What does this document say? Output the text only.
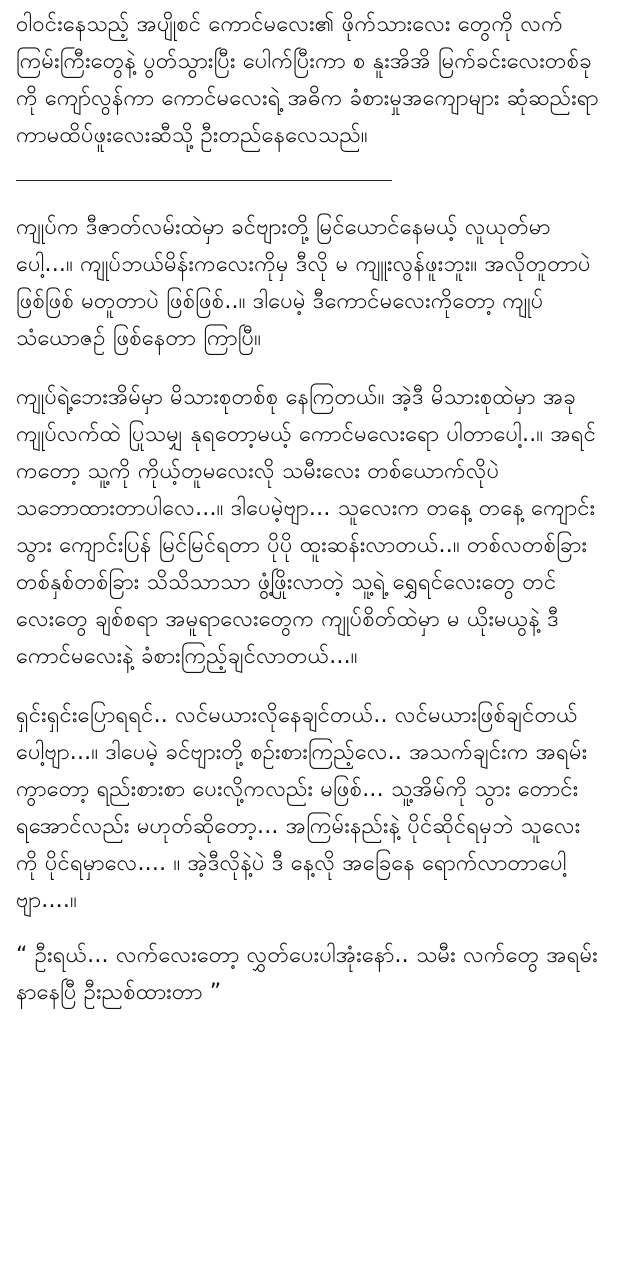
ဝါဝင်းနေသည့် အပျိုစင် ကောင်မလေး၏ ဖိုက်သားလေး တွေကို လက်ကြမ်းကြီးတွေနဲ့ ပွတ်သွားပြီး ပေါက်ပြီးကာ စ နူးအိအိ မြက်ခင်းလေးတစ်ခုကို ကျော်လွန်ကာ ကောင်မလေးရဲ့ အဓိက ခံစားမှုအကျောများ ဆုံဆည်းရာ ကာမထိပ်ဖူးလေးဆီသို့ ဦးတည်နေလေသည်။

ကျုပ်က ဒီဇာတ်လမ်းထဲမှာ ခင်ဗျားတို့ မြင်ယောင်နေမယ့် လူယုတ်မာပေါ့...။ ကျုပ်ဘယ်မိန်းကလေးကိုမှ ဒီလို မ ကျူးလွန်ဖူးဘူး။ အလိုတူတာပဲဖြစ်ဖြစ် မတူတာပဲ ဖြစ်ဖြစ်..။ ဒါပေမဲ့ ဒီကောင်မလေးကိုတော့ ကျုပ် သံယောဇဉ် ဖြစ်နေတာ ကြာပြီ။

ကျုပ်ရဲ့ဘေးအိမ်မှာ မိသားစုတစ်စု နေကြတယ်။ အဲ့ဒီ မိသားစုထဲမှာ အခု ကျုပ်လက်ထဲ ပြုသမျှ နုရတော့မယ့် ကောင်မလေးရော ပါတာပေါ့..။ အရင်ကတော့ သူ့ကို ကိုယ့်တူမလေးလို သမီးလေး တစ်ယောက်လိုပဲ သဘောထားတာပါလေ...။ ဒါပေမဲ့ဗျာ... သူလေးက တနေ့ တနေ့ ကျောင်းသွား ကျောင်းပြန် မြင်မြင်ရတာ ပိုပို ထူးဆန်းလာတယ်..။ တစ်လတစ်ခြား တစ်နှစ်တစ်ခြား သိသိသာသာ ဖွံ့ဖြိုးလာတဲ့ သူ့ရဲ့ ရွှေရင်လေးတွေ တင် လေးတွေ ချစ်စရာ အမူရာလေးတွေက ကျုပ်စိတ်ထဲမှာ မ ယိုးမယွနဲ့ ဒီကောင်မလေးနဲ့ ခံစားကြည့်ချင်လာတယ်...။

ရှင်းရှင်းပြောရရင်.. လင်မယားလိုနေချင်တယ်.. လင်မယားဖြစ်ချင်တယ်ပေါ့ဗျာ...။ ဒါပေမဲ့ ခင်ဗျားတို့ စဉ်းစားကြည့်လေ.. အသက်ချင်းက အရမ်းကွာတော့ ရည်းစားစာ ပေးလို့ကလည်း မဖြစ်... သူ့အိမ်ကို သွား တောင်းရအောင်လည်း မဟုတ်ဆိုတော့... အကြမ်းနည်းနဲ့ ပိုင်ဆိုင်ရမှဘဲ သူလေးကို ပိုင်ရမှာလေ.... ။ အဲ့ဒီလိုနဲ့ပဲ ဒီ နေ့လို အခြေနေ ရောက်လာတာပေါ့ဗျာ....။

“ ဦးရယ်... လက်လေးတော့ လွှတ်ပေးပါအုံးနော်.. သမီး လက်တွေ အရမ်းနာနေပြီ ဦးညစ်ထားတာ ”
